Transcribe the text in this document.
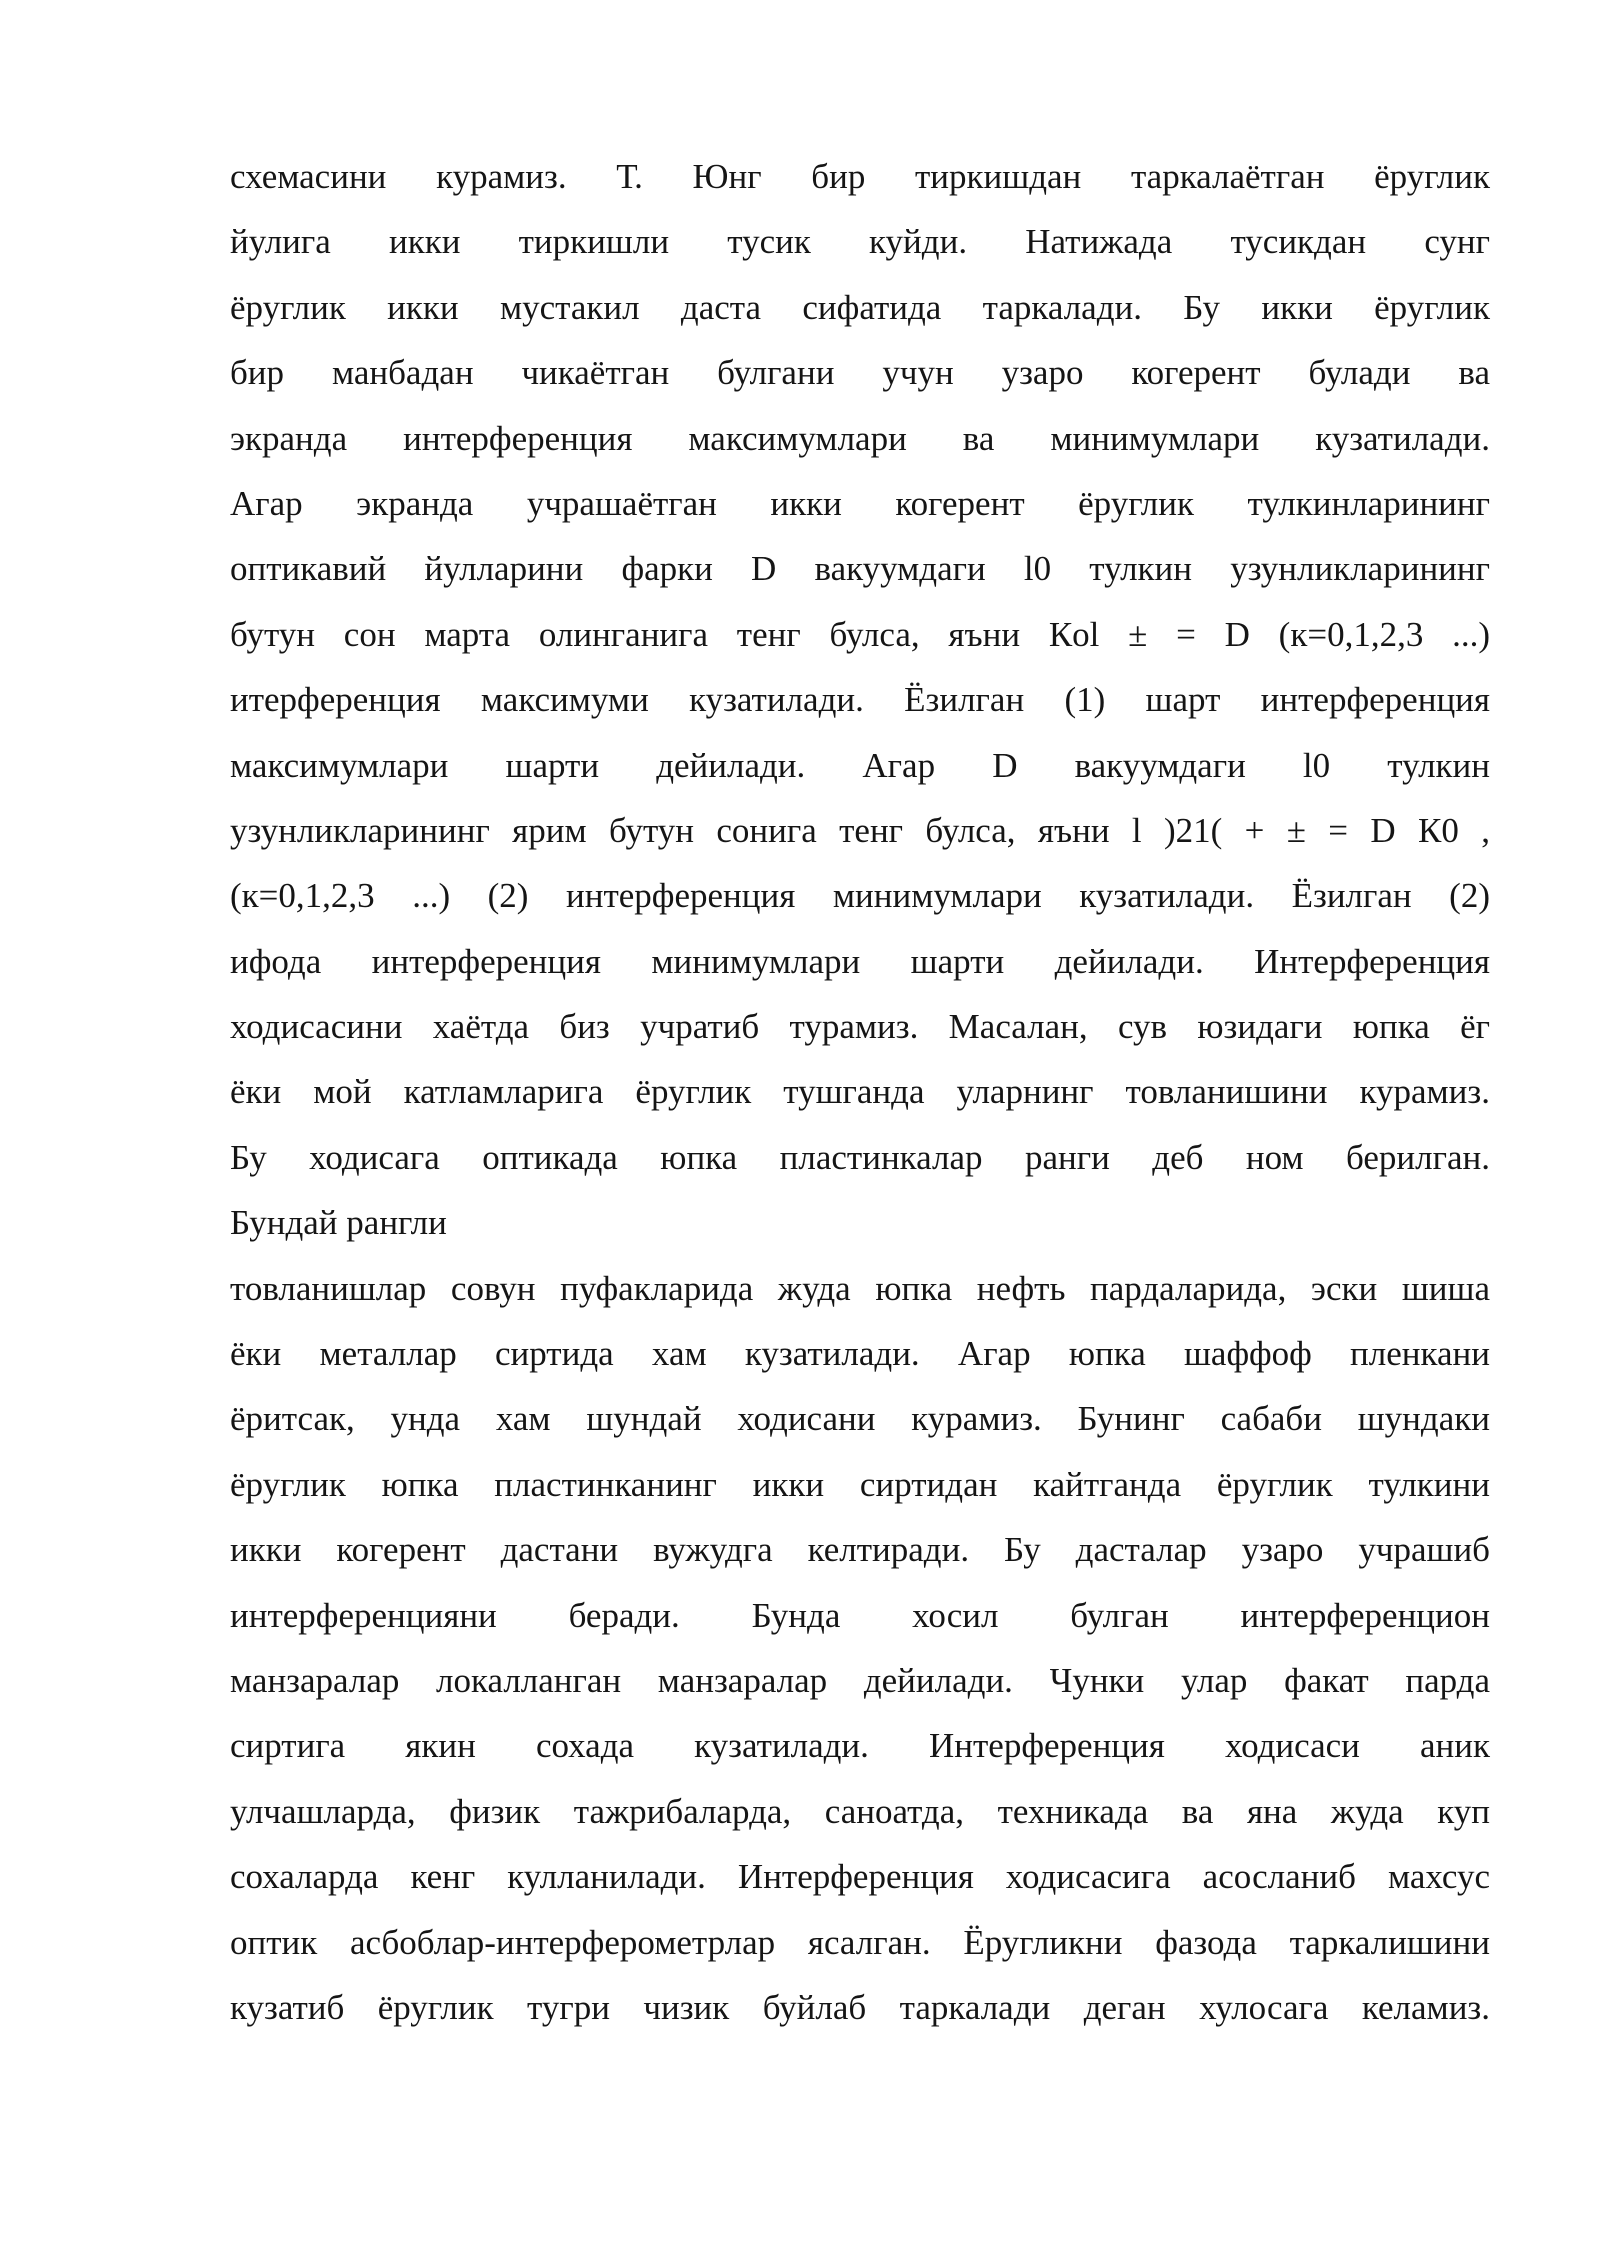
схемасини курамиз. Т. Юнг бир тиркишдан таркалаётган ёруглик
йулига икки тиркишли тусик куйди. Натижада тусикдан сунг
ёруглик икки мустакил даста сифатида таркалади. Бу икки ёруглик
бир манбадан чикаётган булгани учун узаро когерент булади ва
экранда интерференция максимумлари ва минимумлари кузатилади.
Агар экранда учрашаётган икки когерент ёруглик тулкинларининг
оптикавий йулларини фарки D вакуумдаги l0 тулкин узунликларининг
бутун сон марта олинганига тенг булса, яъни Кol ± = D (к=0,1,2,3 ...)
итерференция максимуми кузатилади. Ёзилган (1) шарт интерференция
максимумлари шарти дейилади. Агар D вакуумдаги l0 тулкин
узунликларининг ярим бутун сонига тенг булса, яъни l )21( + ± = D К0 ,
(к=0,1,2,3 ...) (2) интерференция минимумлари кузатилади. Ёзилган (2)
ифода интерференция минимумлари шарти дейилади. Интерференция
ходисасини хаётда биз учратиб турамиз. Масалан, сув юзидаги юпка ёг
ёки мой катламларига ёруглик тушганда уларнинг товланишини курамиз.
Бу ходисага оптикада юпка пластинкалар ранги деб ном берилган.
Бундай рангли
товланишлар совун пуфакларида жуда юпка нефть пардаларида, эски шиша
ёки металлар сиртида хам кузатилади. Агар юпка шаффоф пленкани
ёритсак, унда хам шундай ходисани курамиз. Бунинг сабаби шундаки
ёруглик юпка пластинканинг икки сиртидан кайтганда ёруглик тулкини
икки когерент дастани вужудга келтиради. Бу дасталар узаро учрашиб
интерференцияни беради. Бунда хосил булган интерференцион
манзаралар локалланган манзаралар дейилади. Чунки улар факат парда
сиртига якин сохада кузатилади. Интерференция ходисаси аник
улчашларда, физик тажрибаларда, саноатда, техникада ва яна жуда куп
сохаларда кенг кулланилади. Интерференция ходисасига асосланиб махсус
оптик асбоблар-интерферометрлар ясалган. Ёругликни фазода таркалишини
кузатиб ёруглик тугри чизик буйлаб таркалади деган хулосага келамиз.
